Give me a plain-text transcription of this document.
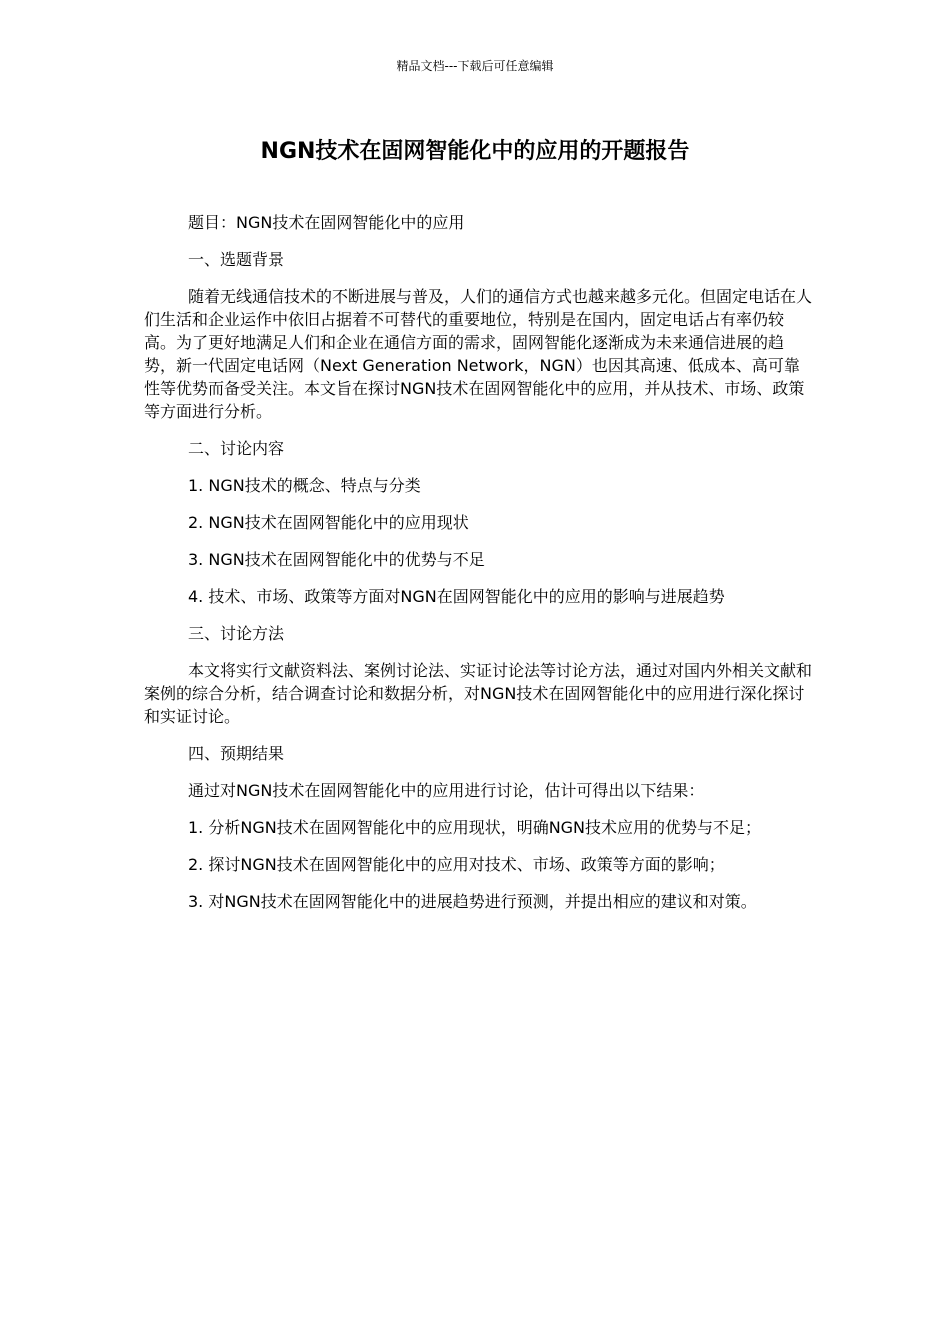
精品文档---下载后可任意编辑
NGN技术在固网智能化中的应用的开题报告

题目：NGN技术在固网智能化中的应用

一、选题背景

随着无线通信技术的不断进展与普及，人们的通信方式也越来越多元化。但固定电话在人们生活和企业运作中依旧占据着不可替代的重要地位，特别是在国内，固定电话占有率仍较高。为了更好地满足人们和企业在通信方面的需求，固网智能化逐渐成为未来通信进展的趋势，新一代固定电话网（Next Generation Network，NGN）也因其高速、低成本、高可靠性等优势而备受关注。本文旨在探讨NGN技术在固网智能化中的应用，并从技术、市场、政策等方面进行分析。

二、讨论内容

1. NGN技术的概念、特点与分类

2. NGN技术在固网智能化中的应用现状

3. NGN技术在固网智能化中的优势与不足

4. 技术、市场、政策等方面对NGN在固网智能化中的应用的影响与进展趋势

三、讨论方法

本文将实行文献资料法、案例讨论法、实证讨论法等讨论方法，通过对国内外相关文献和案例的综合分析，结合调查讨论和数据分析，对NGN技术在固网智能化中的应用进行深化探讨和实证讨论。

四、预期结果

通过对NGN技术在固网智能化中的应用进行讨论，估计可得出以下结果：

1. 分析NGN技术在固网智能化中的应用现状，明确NGN技术应用的优势与不足；

2. 探讨NGN技术在固网智能化中的应用对技术、市场、政策等方面的影响；

3. 对NGN技术在固网智能化中的进展趋势进行预测，并提出相应的建议和对策。
